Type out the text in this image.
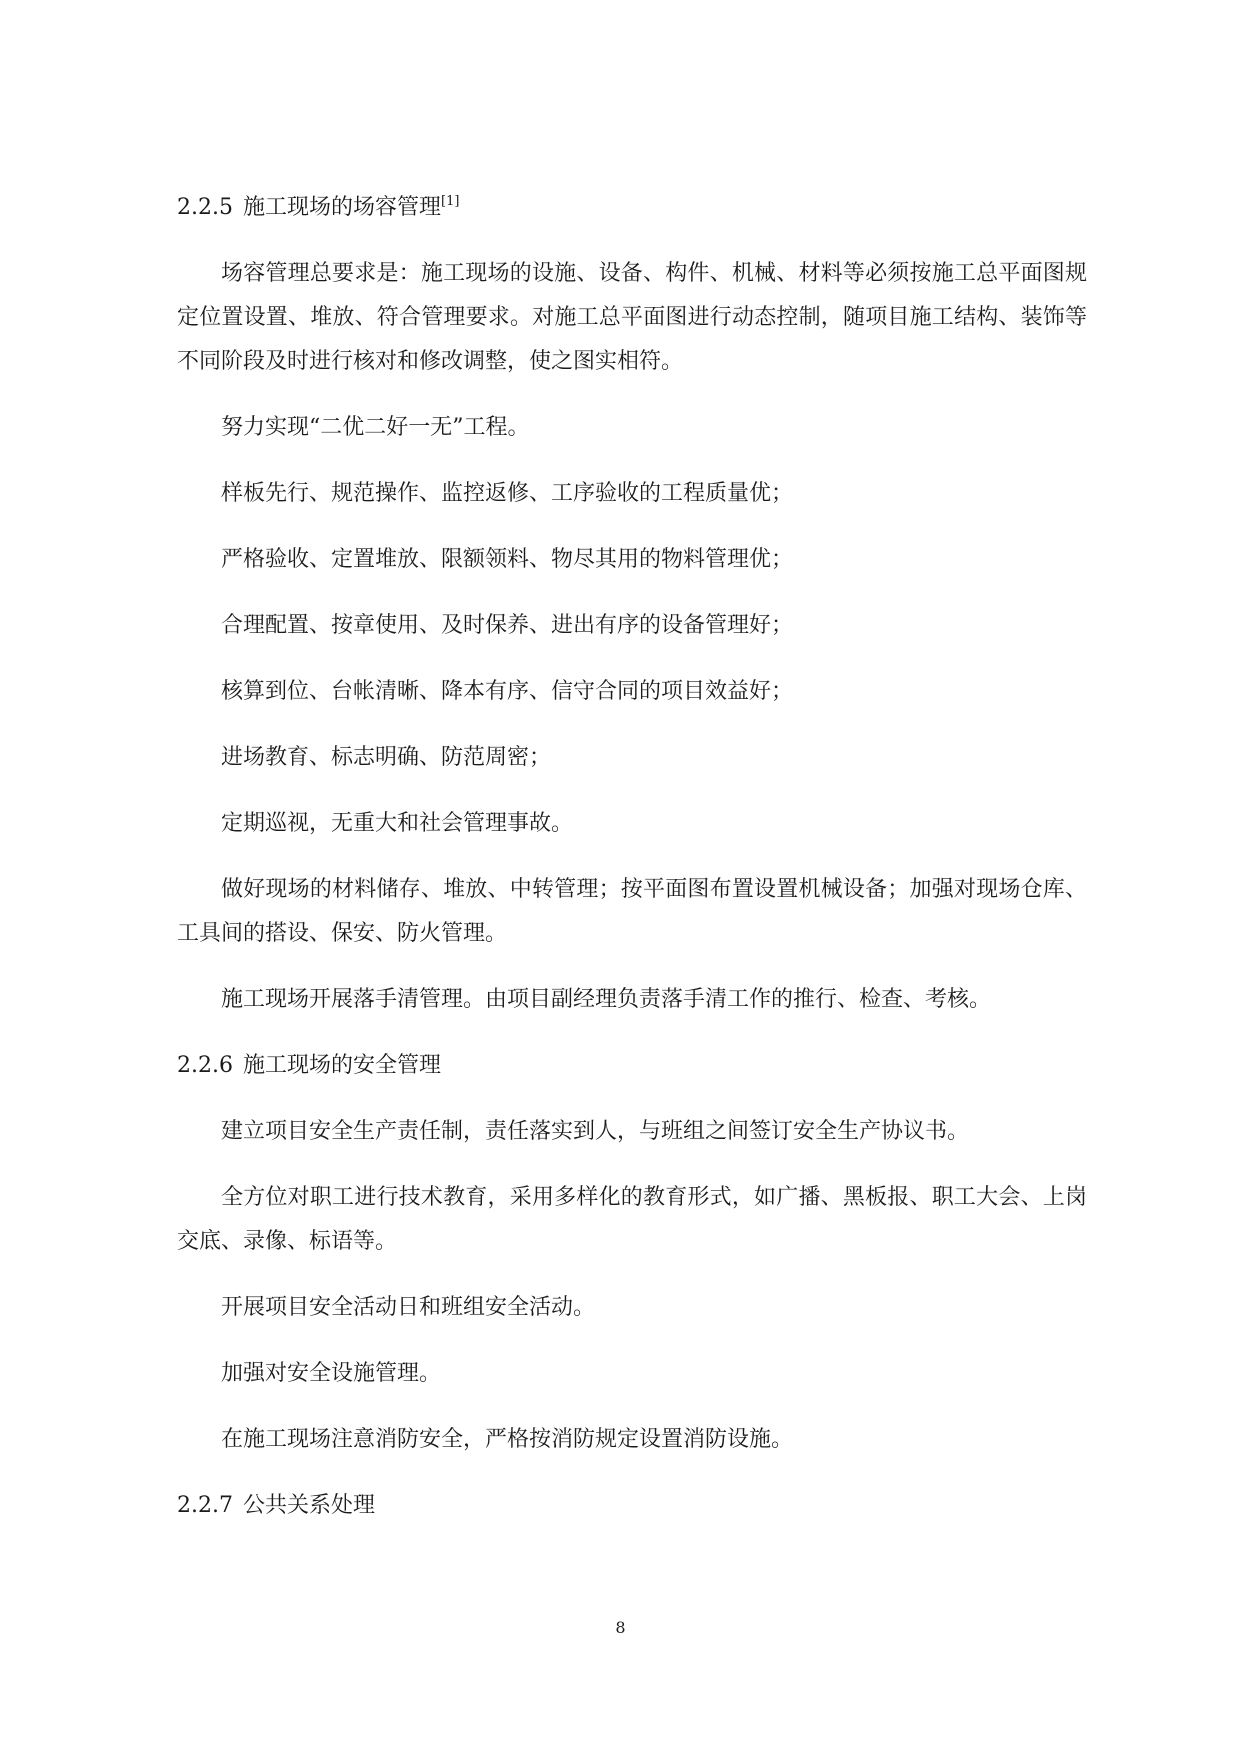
2.2.5 施工现场的场容管理[1]

场容管理总要求是：施工现场的设施、设备、构件、机械、材料等必须按施工总平面图规定位置设置、堆放、符合管理要求。对施工总平面图进行动态控制，随项目施工结构、装饰等不同阶段及时进行核对和修改调整，使之图实相符。

努力实现“二优二好一无”工程。

样板先行、规范操作、监控返修、工序验收的工程质量优；

严格验收、定置堆放、限额领料、物尽其用的物料管理优；

合理配置、按章使用、及时保养、进出有序的设备管理好；

核算到位、台帐清晰、降本有序、信守合同的项目效益好；

进场教育、标志明确、防范周密；

定期巡视，无重大和社会管理事故。

做好现场的材料储存、堆放、中转管理；按平面图布置设置机械设备；加强对现场仓库、工具间的搭设、保安、防火管理。

施工现场开展落手清管理。由项目副经理负责落手清工作的推行、检查、考核。

2.2.6 施工现场的安全管理

建立项目安全生产责任制，责任落实到人，与班组之间签订安全生产协议书。

全方位对职工进行技术教育，采用多样化的教育形式，如广播、黑板报、职工大会、上岗交底、录像、标语等。

开展项目安全活动日和班组安全活动。

加强对安全设施管理。

在施工现场注意消防安全，严格按消防规定设置消防设施。

2.2.7 公共关系处理
8
